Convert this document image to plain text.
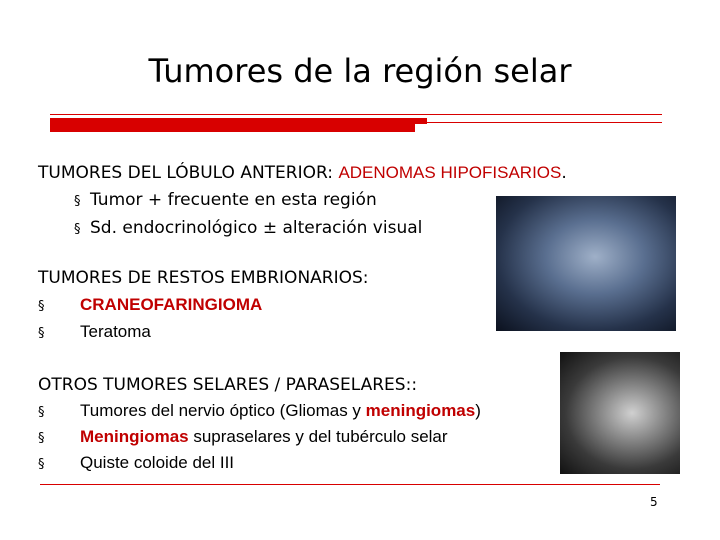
Tumores de la región selar
TUMORES DEL LÓBULO ANTERIOR: ADENOMAS HIPOFISARIOS.
§ Tumor + frecuente en esta región
§ Sd. endocrinológico ± alteración visual
TUMORES DE RESTOS EMBRIONARIOS:
§ CRANEOFARINGIOMA
§ Teratoma
OTROS TUMORES SELARES / PARASELARES::
§ Tumores del nervio óptico (Gliomas y meningiomas)
§ Meningiomas supraselares y del tubérculo selar
§ Quiste coloide del III
5
